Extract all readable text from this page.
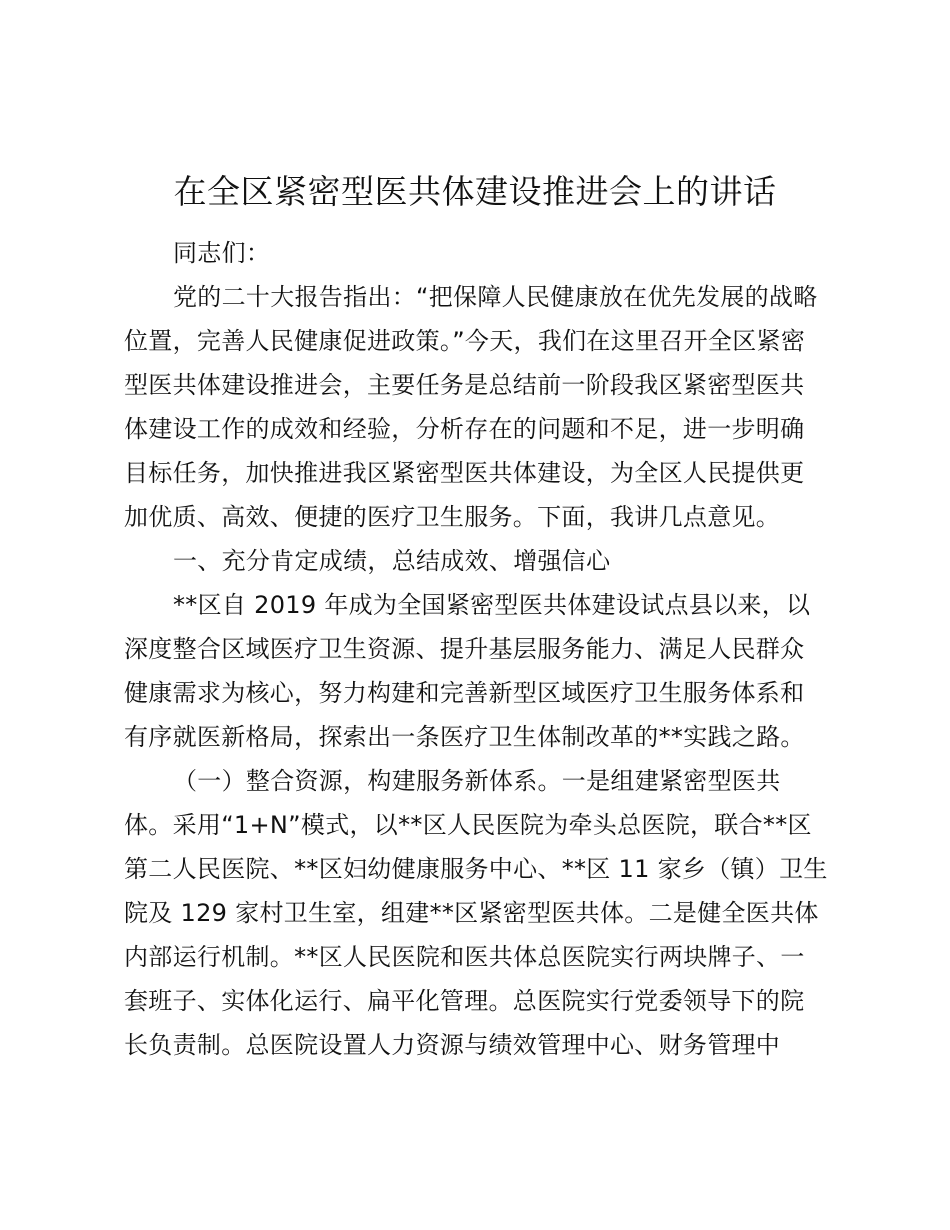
在全区紧密型医共体建设推进会上的讲话
同志们：
党的二十大报告指出：“把保障人民健康放在优先发展的战略
位置，完善人民健康促进政策。”今天，我们在这里召开全区紧密
型医共体建设推进会，主要任务是总结前一阶段我区紧密型医共
体建设工作的成效和经验，分析存在的问题和不足，进一步明确
目标任务，加快推进我区紧密型医共体建设，为全区人民提供更
加优质、高效、便捷的医疗卫生服务。下面，我讲几点意见。
一、充分肯定成绩，总结成效、增强信心
**区自 2019 年成为全国紧密型医共体建设试点县以来，以
深度整合区域医疗卫生资源、提升基层服务能力、满足人民群众
健康需求为核心，努力构建和完善新型区域医疗卫生服务体系和
有序就医新格局，探索出一条医疗卫生体制改革的**实践之路。
（一）整合资源，构建服务新体系。一是组建紧密型医共
体。采用“1+N”模式，以**区人民医院为牵头总医院，联合**区
第二人民医院、**区妇幼健康服务中心、**区 11 家乡（镇）卫生
院及 129 家村卫生室，组建**区紧密型医共体。二是健全医共体
内部运行机制。**区人民医院和医共体总医院实行两块牌子、一
套班子、实体化运行、扁平化管理。总医院实行党委领导下的院
长负责制。总医院设置人力资源与绩效管理中心、财务管理中
